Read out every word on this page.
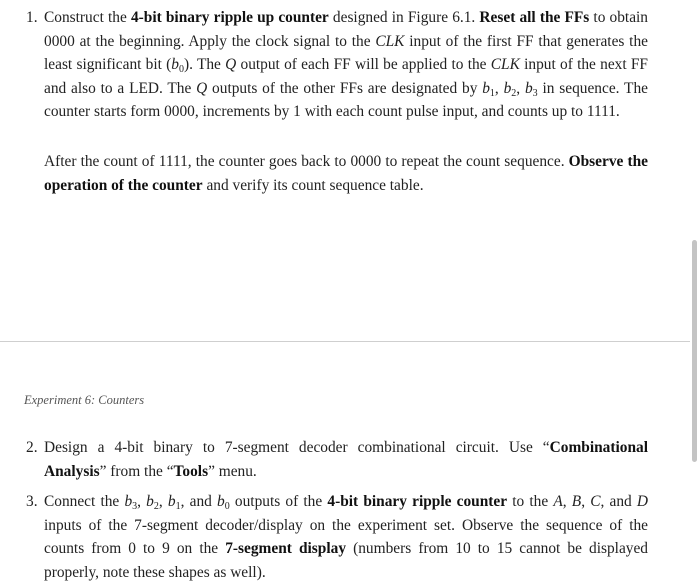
1. Construct the 4-bit binary ripple up counter designed in Figure 6.1. Reset all the FFs to obtain 0000 at the beginning. Apply the clock signal to the CLK input of the first FF that generates the least significant bit $(b_0)$. The Q output of each FF will be applied to the CLK input of the next FF and also to a LED. The Q outputs of the other FFs are designated by $b_1$, $b_2$, $b_3$ in sequence. The counter starts form 0000, increments by 1 with each count pulse input, and counts up to 1111.
After the count of 1111, the counter goes back to 0000 to repeat the count sequence. Observe the operation of the counter and verify its count sequence table.
Experiment 6: Counters
2. Design a 4-bit binary to 7-segment decoder combinational circuit. Use “Combinational Analysis” from the “Tools” menu.
3. Connect the $b_3$, $b_2$, $b_1$, and $b_0$ outputs of the 4-bit binary ripple counter to the A, B, C, and D inputs of the 7-segment decoder/display on the experiment set. Observe the sequence of the counts from 0 to 9 on the 7-segment display (numbers from 10 to 15 cannot be displayed properly, note these shapes as well).
